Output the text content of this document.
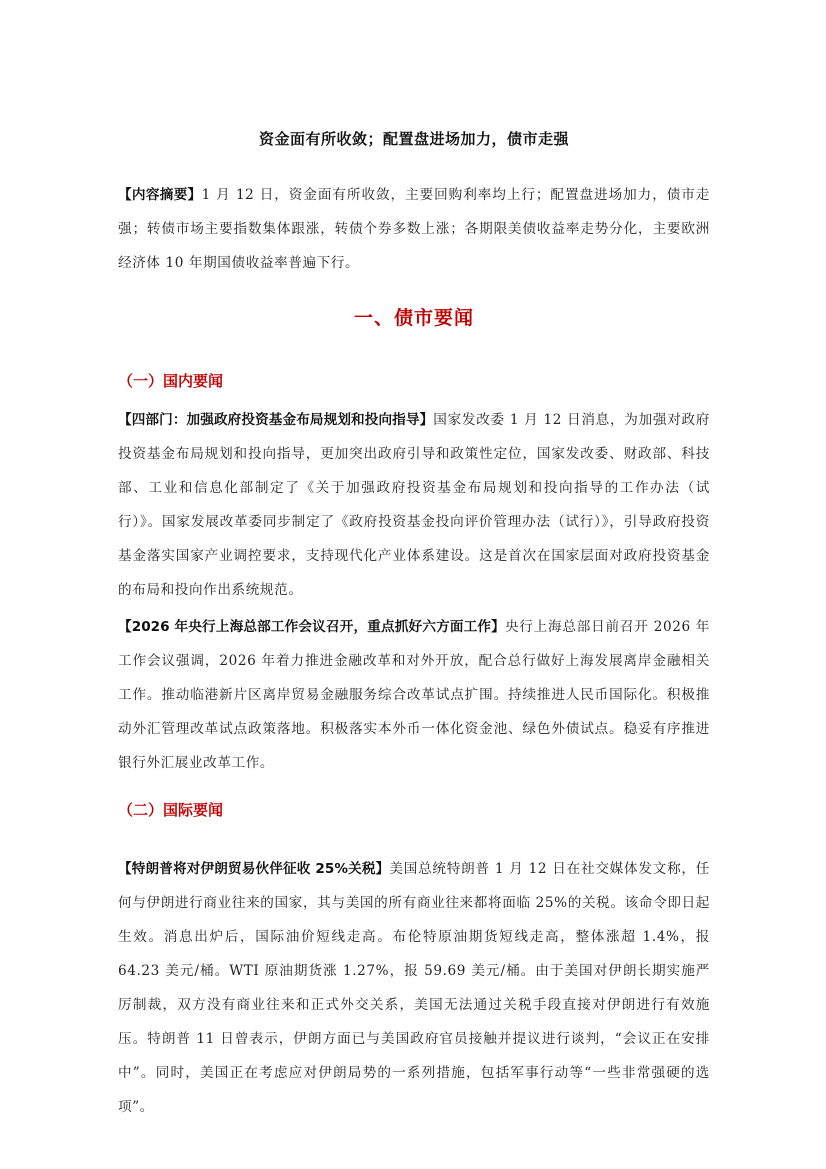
资金面有所收敛；配置盘进场加力，债市走强

【内容摘要】1 月 12 日，资金面有所收敛，主要回购利率均上行；配置盘进场加力，债市走强；转债市场主要指数集体跟涨，转债个券多数上涨；各期限美债收益率走势分化，主要欧洲经济体 10 年期国债收益率普遍下行。

一、债市要闻
（一）国内要闻

【四部门：加强政府投资基金布局规划和投向指导】国家发改委 1 月 12 日消息，为加强对政府投资基金布局规划和投向指导，更加突出政府引导和政策性定位，国家发改委、财政部、科技部、工业和信息化部制定了《关于加强政府投资基金布局规划和投向指导的工作办法（试行）》。国家发展改革委同步制定了《政府投资基金投向评价管理办法（试行）》，引导政府投资基金落实国家产业调控要求，支持现代化产业体系建设。这是首次在国家层面对政府投资基金的布局和投向作出系统规范。

【2026 年央行上海总部工作会议召开，重点抓好六方面工作】央行上海总部日前召开 2026 年工作会议强调，2026 年着力推进金融改革和对外开放，配合总行做好上海发展离岸金融相关工作。推动临港新片区离岸贸易金融服务综合改革试点扩围。持续推进人民币国际化。积极推动外汇管理改革试点政策落地。积极落实本外币一体化资金池、绿色外债试点。稳妥有序推进银行外汇展业改革工作。

（二）国际要闻

【特朗普将对伊朗贸易伙伴征收 25%关税】美国总统特朗普 1 月 12 日在社交媒体发文称，任何与伊朗进行商业往来的国家，其与美国的所有商业往来都将面临 25%的关税。该命令即日起生效。消息出炉后，国际油价短线走高。布伦特原油期货短线走高，整体涨超 1.4%，报 64.23 美元/桶。WTI 原油期货涨 1.27%，报 59.69 美元/桶。由于美国对伊朗长期实施严厉制裁，双方没有商业往来和正式外交关系，美国无法通过关税手段直接对伊朗进行有效施压。特朗普 11 日曾表示，伊朗方面已与美国政府官员接触并提议进行谈判，“会议正在安排中”。同时，美国正在考虑应对伊朗局势的一系列措施，包括军事行动等“一些非常强硬的选项”。
